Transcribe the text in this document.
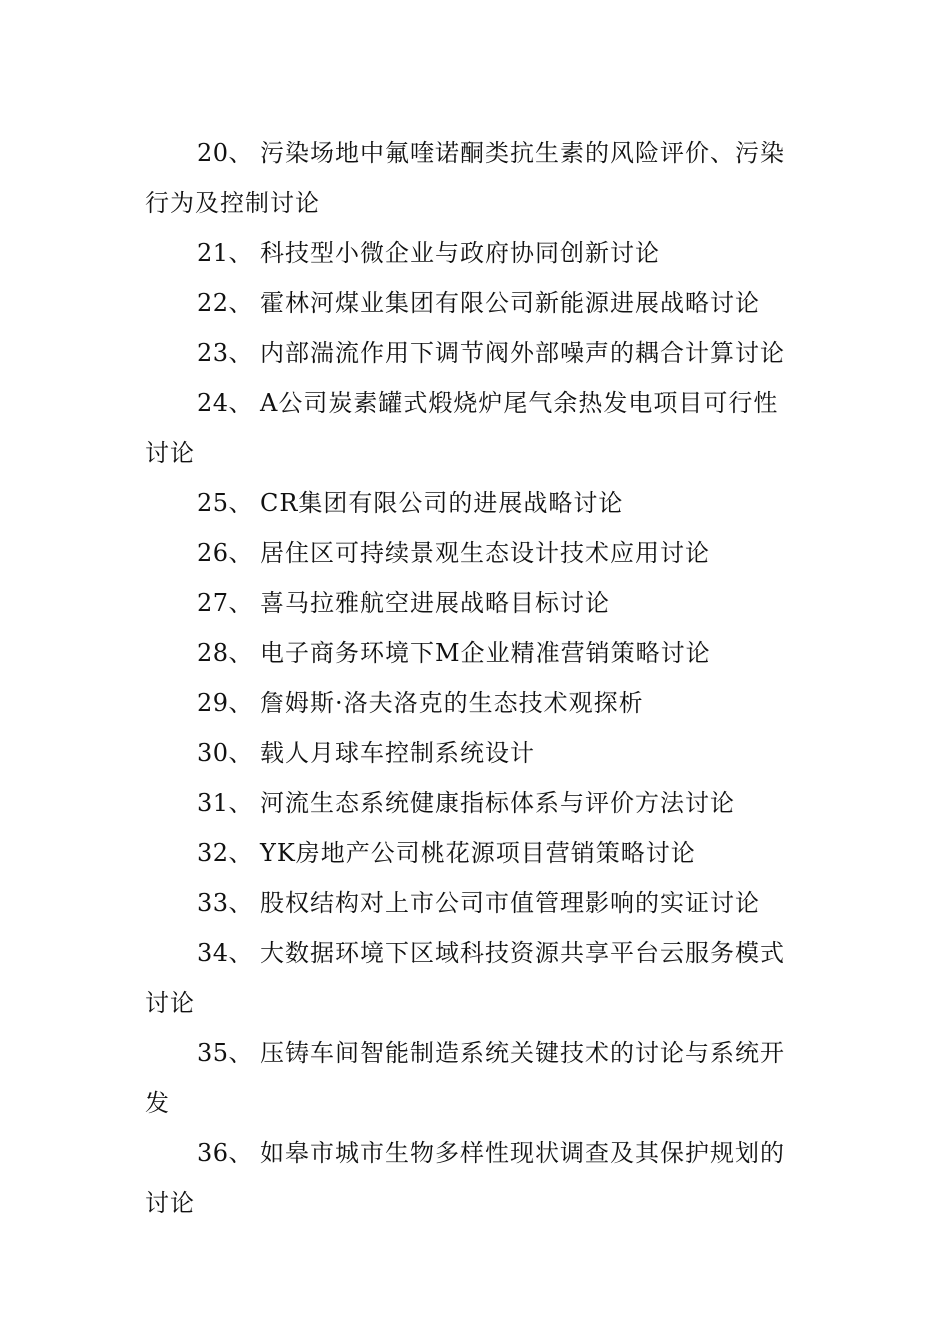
20、 污染场地中氟喹诺酮类抗生素的风险评价、污染
行为及控制讨论
21、 科技型小微企业与政府协同创新讨论
22、 霍林河煤业集团有限公司新能源进展战略讨论
23、 内部湍流作用下调节阀外部噪声的耦合计算讨论
24、 A公司炭素罐式煅烧炉尾气余热发电项目可行性
讨论
25、 CR集团有限公司的进展战略讨论
26、 居住区可持续景观生态设计技术应用讨论
27、 喜马拉雅航空进展战略目标讨论
28、 电子商务环境下M企业精准营销策略讨论
29、 詹姆斯·洛夫洛克的生态技术观探析
30、 载人月球车控制系统设计
31、 河流生态系统健康指标体系与评价方法讨论
32、 YK房地产公司桃花源项目营销策略讨论
33、 股权结构对上市公司市值管理影响的实证讨论
34、 大数据环境下区域科技资源共享平台云服务模式
讨论
35、 压铸车间智能制造系统关键技术的讨论与系统开
发
36、 如皋市城市生物多样性现状调查及其保护规划的
讨论
